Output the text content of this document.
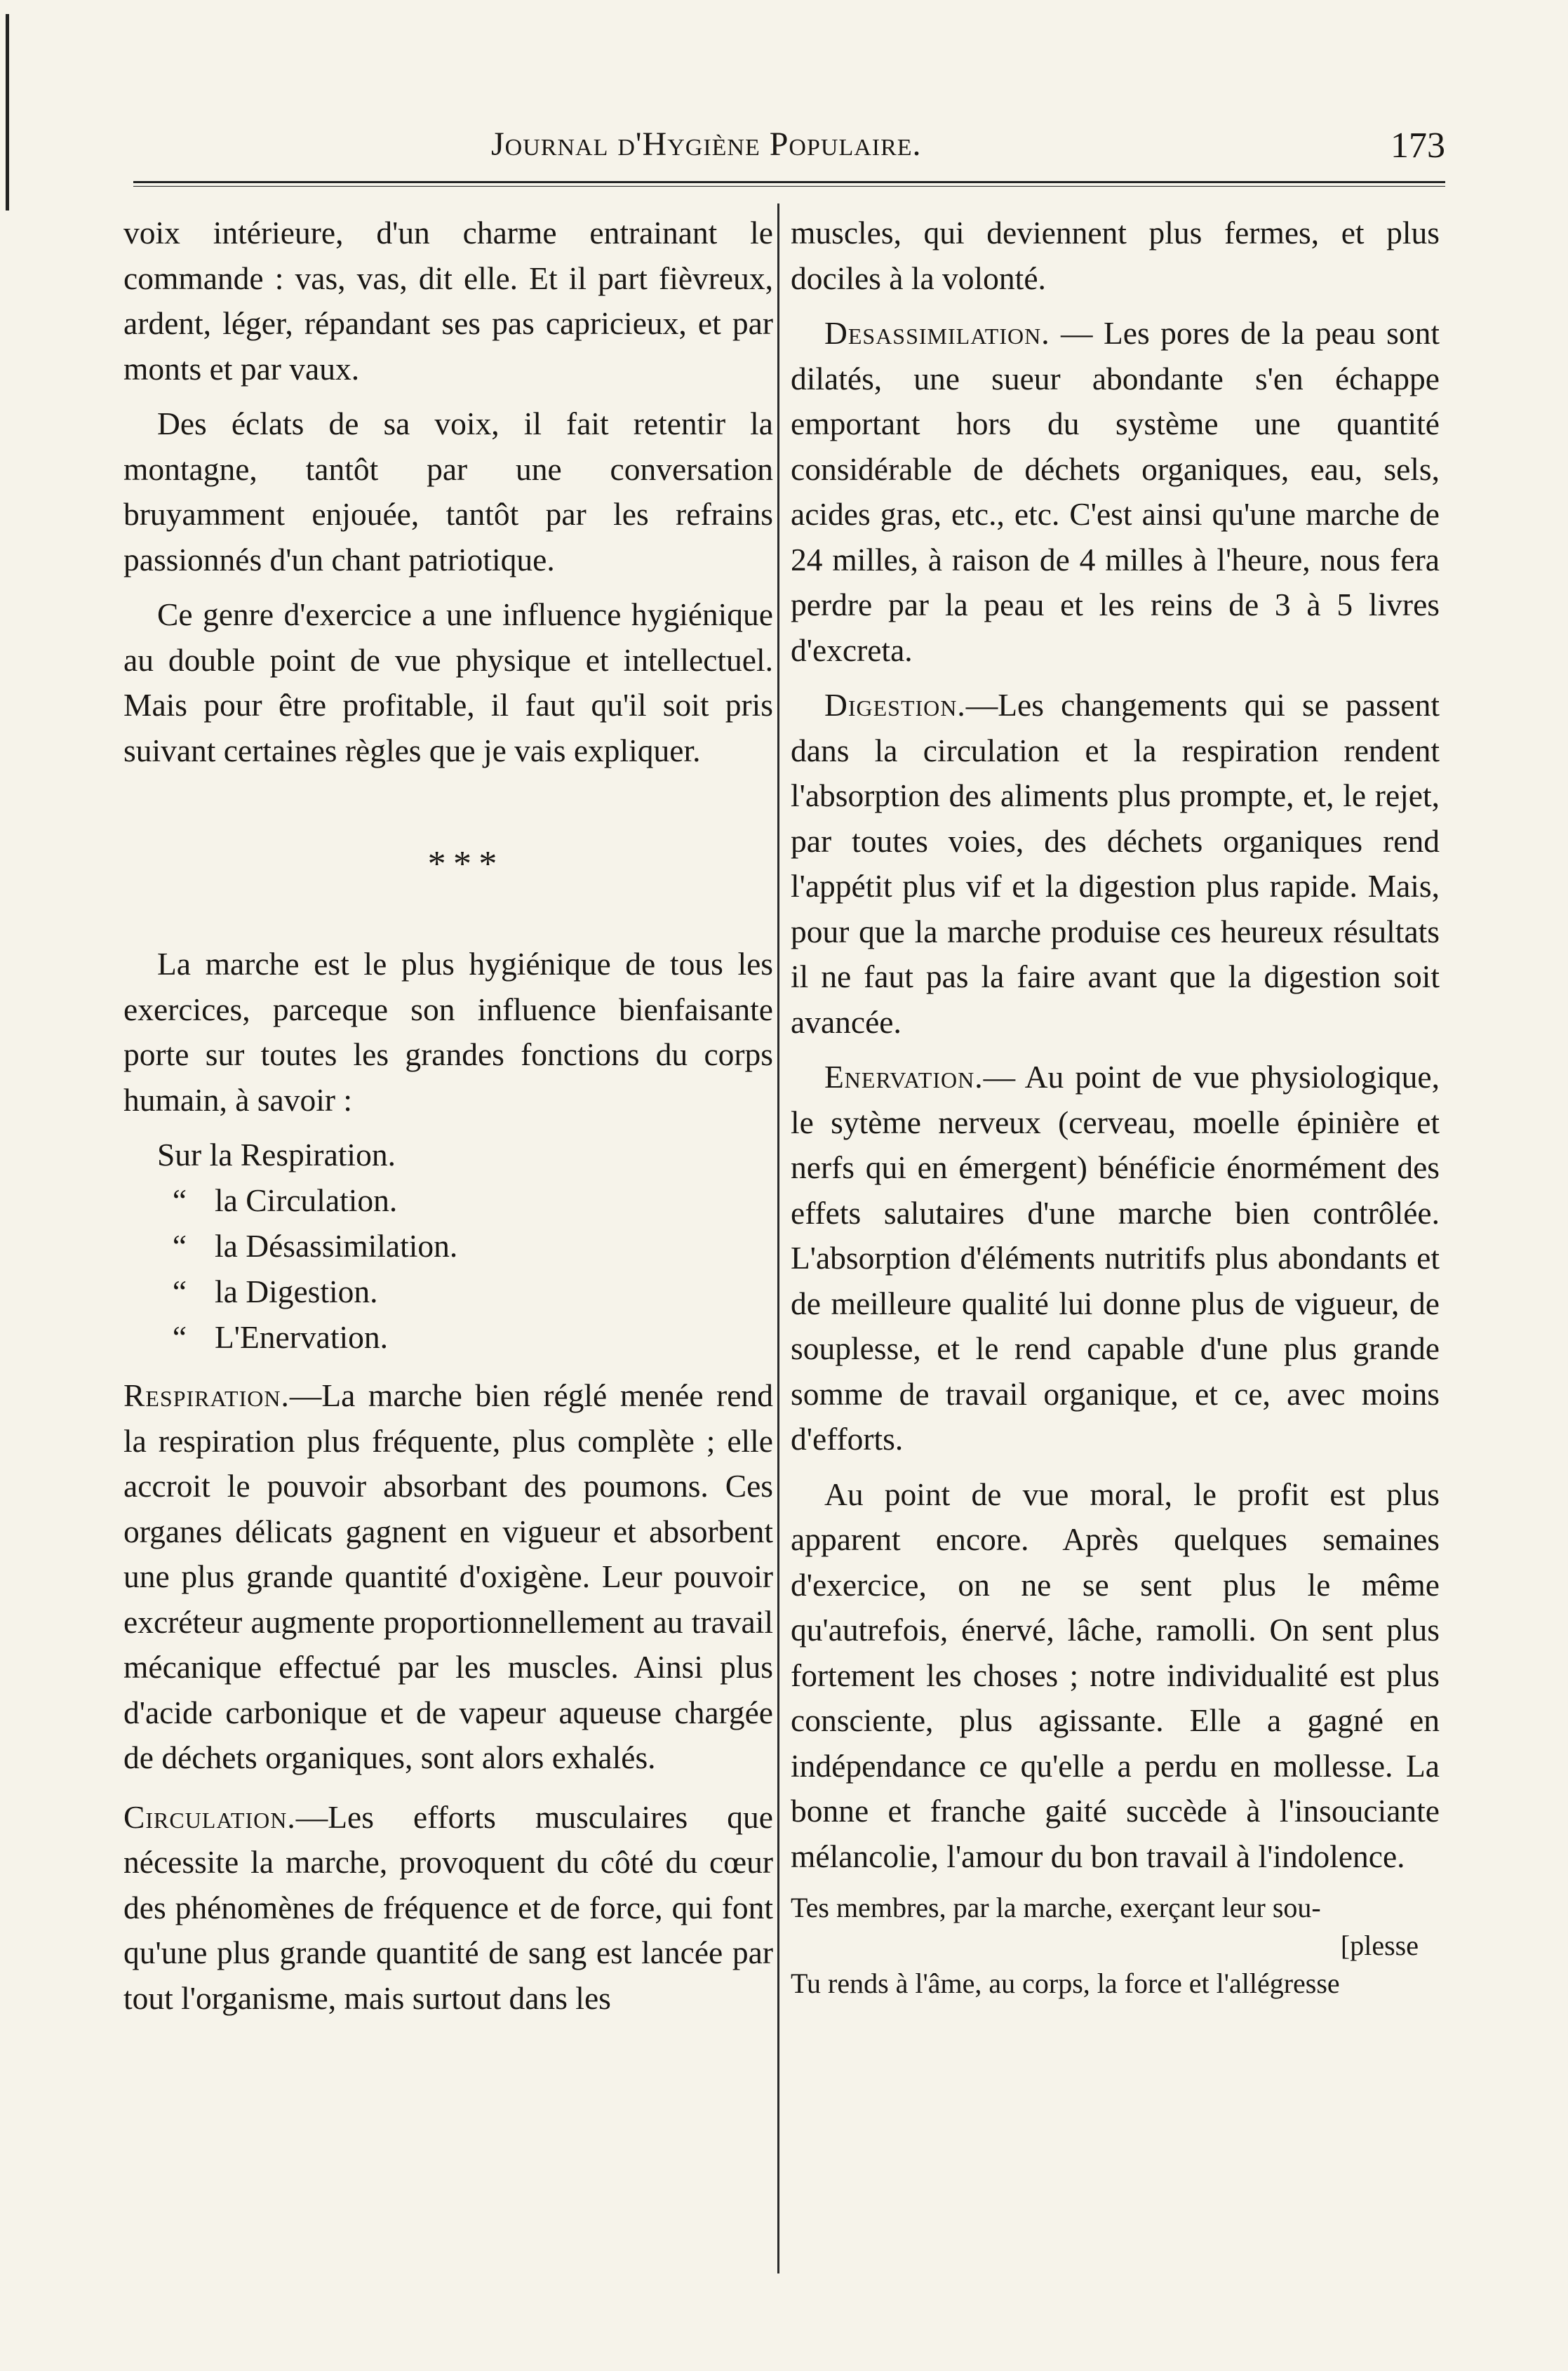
Journal d'Hygiène Populaire.	173

voix intérieure, d'un charme entrainant le commande : vas, vas, dit elle. Et il part fièvreux, ardent, léger, répandant ses pas capricieux, et par monts et par vaux.

Des éclats de sa voix, il fait retentir la montagne, tantôt par une conversation bruyamment enjouée, tantôt par les refrains passionnés d'un chant patriotique.

Ce genre d'exercice a une influence hygiénique au double point de vue physique et intellectuel. Mais pour être profitable, il faut qu'il soit pris suivant certaines règles que je vais expliquer.

* * *

La marche est le plus hygiénique de tous les exercices, parceque son influence bienfaisante porte sur toutes les grandes fonctions du corps humain, à savoir :

Sur la Respiration.
“ la Circulation.
“ la Désassimilation.
“ la Digestion.
“ L'Enervation.

Respiration.—La marche bien réglé menée rend la respiration plus fréquente, plus complète ; elle accroit le pouvoir absorbant des poumons. Ces organes délicats gagnent en vigueur et absorbent une plus grande quantité d'oxigène. Leur pouvoir excréteur augmente proportionnellement au travail mécanique effectué par les muscles. Ainsi plus d'acide carbonique et de vapeur aqueuse chargée de déchets organiques, sont alors exhalés.

Circulation.—Les efforts musculaires que nécessite la marche, provoquent du côté du cœur des phénomènes de fréquence et de force, qui font qu'une plus grande quantité de sang est lancée par tout l'organisme, mais surtout dans les

muscles, qui deviennent plus fermes, et plus dociles à la volonté.

Desassimilation. — Les pores de la peau sont dilatés, une sueur abondante s'en échappe emportant hors du système une quantité considérable de déchets organiques, eau, sels, acides gras, etc., etc. C'est ainsi qu'une marche de 24 milles, à raison de 4 milles à l'heure, nous fera perdre par la peau et les reins de 3 à 5 livres d'excreta.

Digestion.—Les changements qui se passent dans la circulation et la respiration rendent l'absorption des aliments plus prompte, et, le rejet, par toutes voies, des déchets organiques rend l'appétit plus vif et la digestion plus rapide. Mais, pour que la marche produise ces heureux résultats il ne faut pas la faire avant que la digestion soit avancée.

Enervation.— Au point de vue physiologique, le sytème nerveux (cerveau, moelle épinière et nerfs qui en émergent) bénéficie énormément des effets salutaires d'une marche bien contrôlée. L'absorption d'éléments nutritifs plus abondants et de meilleure qualité lui donne plus de vigueur, de souplesse, et le rend capable d'une plus grande somme de travail organique, et ce, avec moins d'efforts.

Au point de vue moral, le profit est plus apparent encore. Après quelques semaines d'exercice, on ne se sent plus le même qu'autrefois, énervé, lâche, ramolli. On sent plus fortement les choses ; notre individualité est plus consciente, plus agissante. Elle a gagné en indépendance ce qu'elle a perdu en mollesse. La bonne et franche gaité succède à l'insouciante mélancolie, l'amour du bon travail à l'indolence.

Tes membres, par la marche, exerçant leur sou-
[plesse
Tu rends à l'âme, au corps, la force et l'allégresse
